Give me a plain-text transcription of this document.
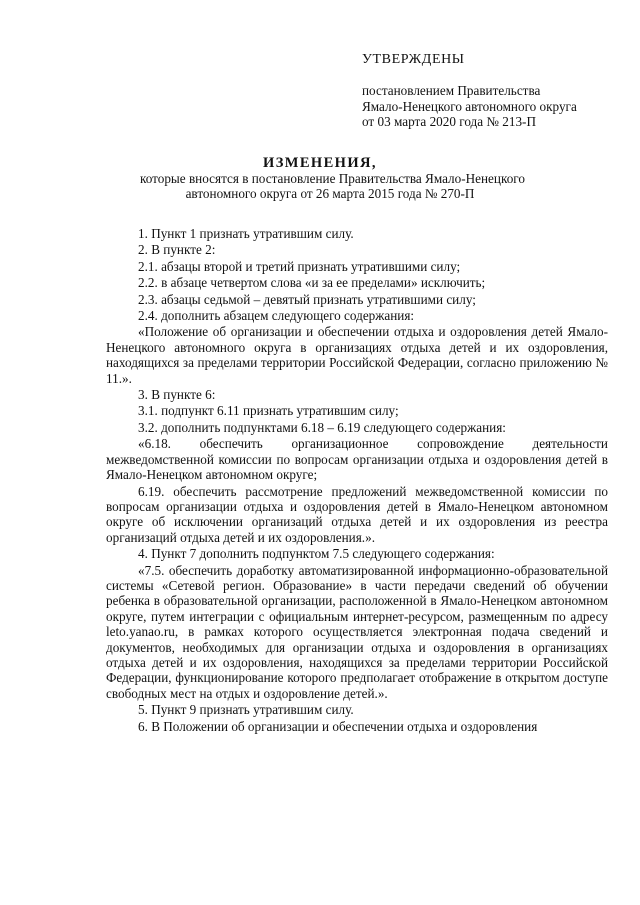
УТВЕРЖДЕНЫ
постановлением Правительства
Ямало-Ненецкого автономного округа
от 03 марта 2020 года № 213-П
ИЗМЕНЕНИЯ,
которые вносятся в постановление Правительства Ямало-Ненецкого
автономного округа от 26 марта 2015 года № 270-П

1. Пункт 1 признать утратившим силу.

2. В пункте 2:

2.1. абзацы второй и третий признать утратившими силу;

2.2. в абзаце четвертом слова «и за ее пределами» исключить;

2.3. абзацы седьмой – девятый признать утратившими силу;

2.4. дополнить абзацем следующего содержания:

«Положение об организации и обеспечении отдыха и оздоровления детей Ямало-Ненецкого автономного округа в организациях отдыха детей и их оздоровления, находящихся за пределами территории Российской Федерации, согласно приложению № 11.».

3. В пункте 6:

3.1. подпункт 6.11 признать утратившим силу;

3.2. дополнить подпунктами 6.18 – 6.19 следующего содержания:

«6.18. обеспечить организационное сопровождение деятельности межведомственной комиссии по вопросам организации отдыха и оздоровления детей в Ямало-Ненецком автономном округе;

6.19. обеспечить рассмотрение предложений межведомственной комиссии по вопросам организации отдыха и оздоровления детей в Ямало-Ненецком автономном округе об исключении организаций отдыха детей и их оздоровления из реестра организаций отдыха детей и их оздоровления.».

4. Пункт 7 дополнить подпунктом 7.5 следующего содержания:

«7.5. обеспечить доработку автоматизированной информационно-образовательной системы «Сетевой регион. Образование» в части передачи сведений об обучении ребенка в образовательной организации, расположенной в Ямало-Ненецком автономном округе, путем интеграции с официальным интернет-ресурсом, размещенным по адресу leto.yanao.ru, в рамках которого осуществляется электронная подача сведений и документов, необходимых для организации отдыха и оздоровления в организациях отдыха детей и их оздоровления, находящихся за пределами территории Российской Федерации, функционирование которого предполагает отображение в открытом доступе свободных мест на отдых и оздоровление детей.».

5. Пункт 9 признать утратившим силу.

6. В Положении об организации и обеспечении отдыха и оздоровления
